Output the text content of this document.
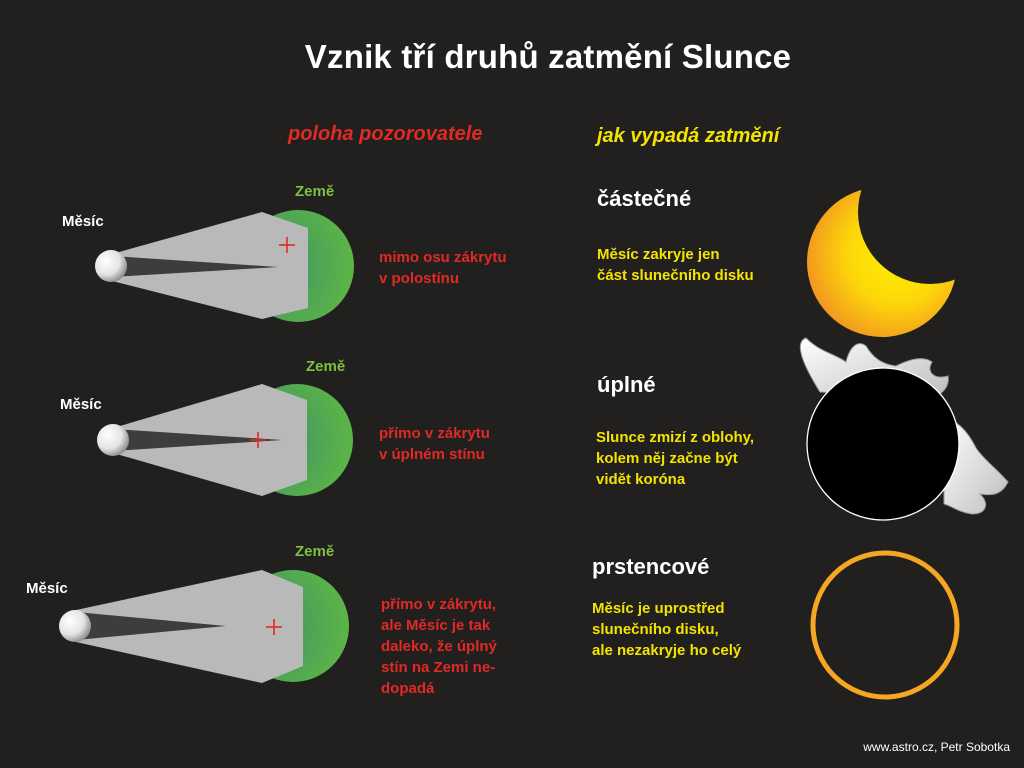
Vznik tří druhů zatmění Slunce
poloha pozorovatele	jak vypadá zatmění
Měsíc
Země
mimo osu zákrytu
v polostínu
částečné
Měsíc zakryje jen
část slunečního disku
Měsíc
Země
přímo v zákrytu
v úplném stínu
úplné
Slunce zmizí z oblohy,
kolem něj začne být
vidět koróna
Měsíc
Země
přímo v zákrytu,
ale Měsíc je tak
daleko, že úplný
stín na Zemi ne-
dopadá
prstencové
Měsíc je uprostřed
slunečního disku,
ale nezakryje ho celý
www.astro.cz, Petr Sobotka
